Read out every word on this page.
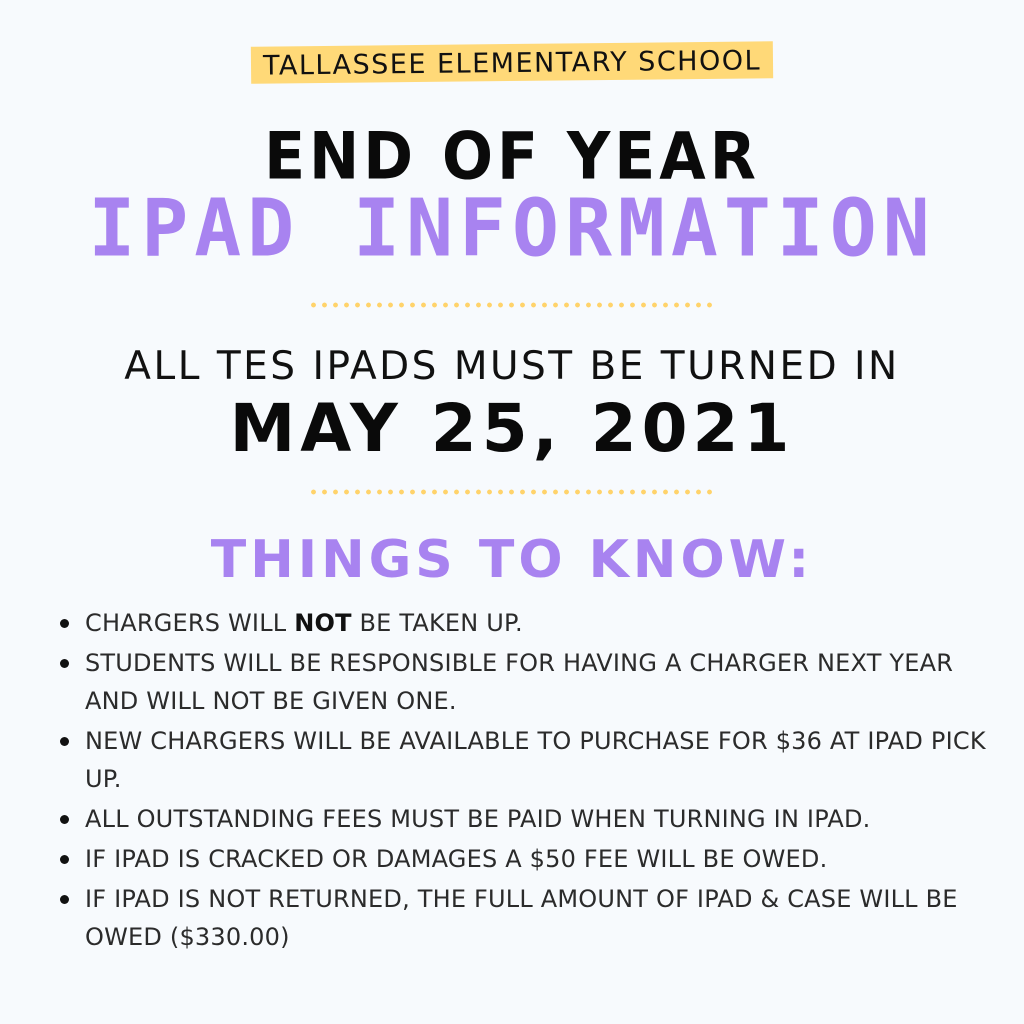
TALLASSEE ELEMENTARY SCHOOL
END OF YEAR
IPAD INFORMATION
ALL TES IPADS MUST BE TURNED IN
MAY 25, 2021
THINGS TO KNOW:
CHARGERS WILL NOT BE TAKEN UP.
STUDENTS WILL BE RESPONSIBLE FOR HAVING A CHARGER NEXT YEAR AND WILL NOT BE GIVEN ONE.
NEW CHARGERS WILL BE AVAILABLE TO PURCHASE FOR $36 AT IPAD PICK UP.
ALL OUTSTANDING FEES MUST BE PAID WHEN TURNING IN IPAD.
IF IPAD IS CRACKED OR DAMAGES A $50 FEE WILL BE OWED.
IF IPAD IS NOT RETURNED, THE FULL AMOUNT OF IPAD & CASE WILL BE OWED ($330.00)
